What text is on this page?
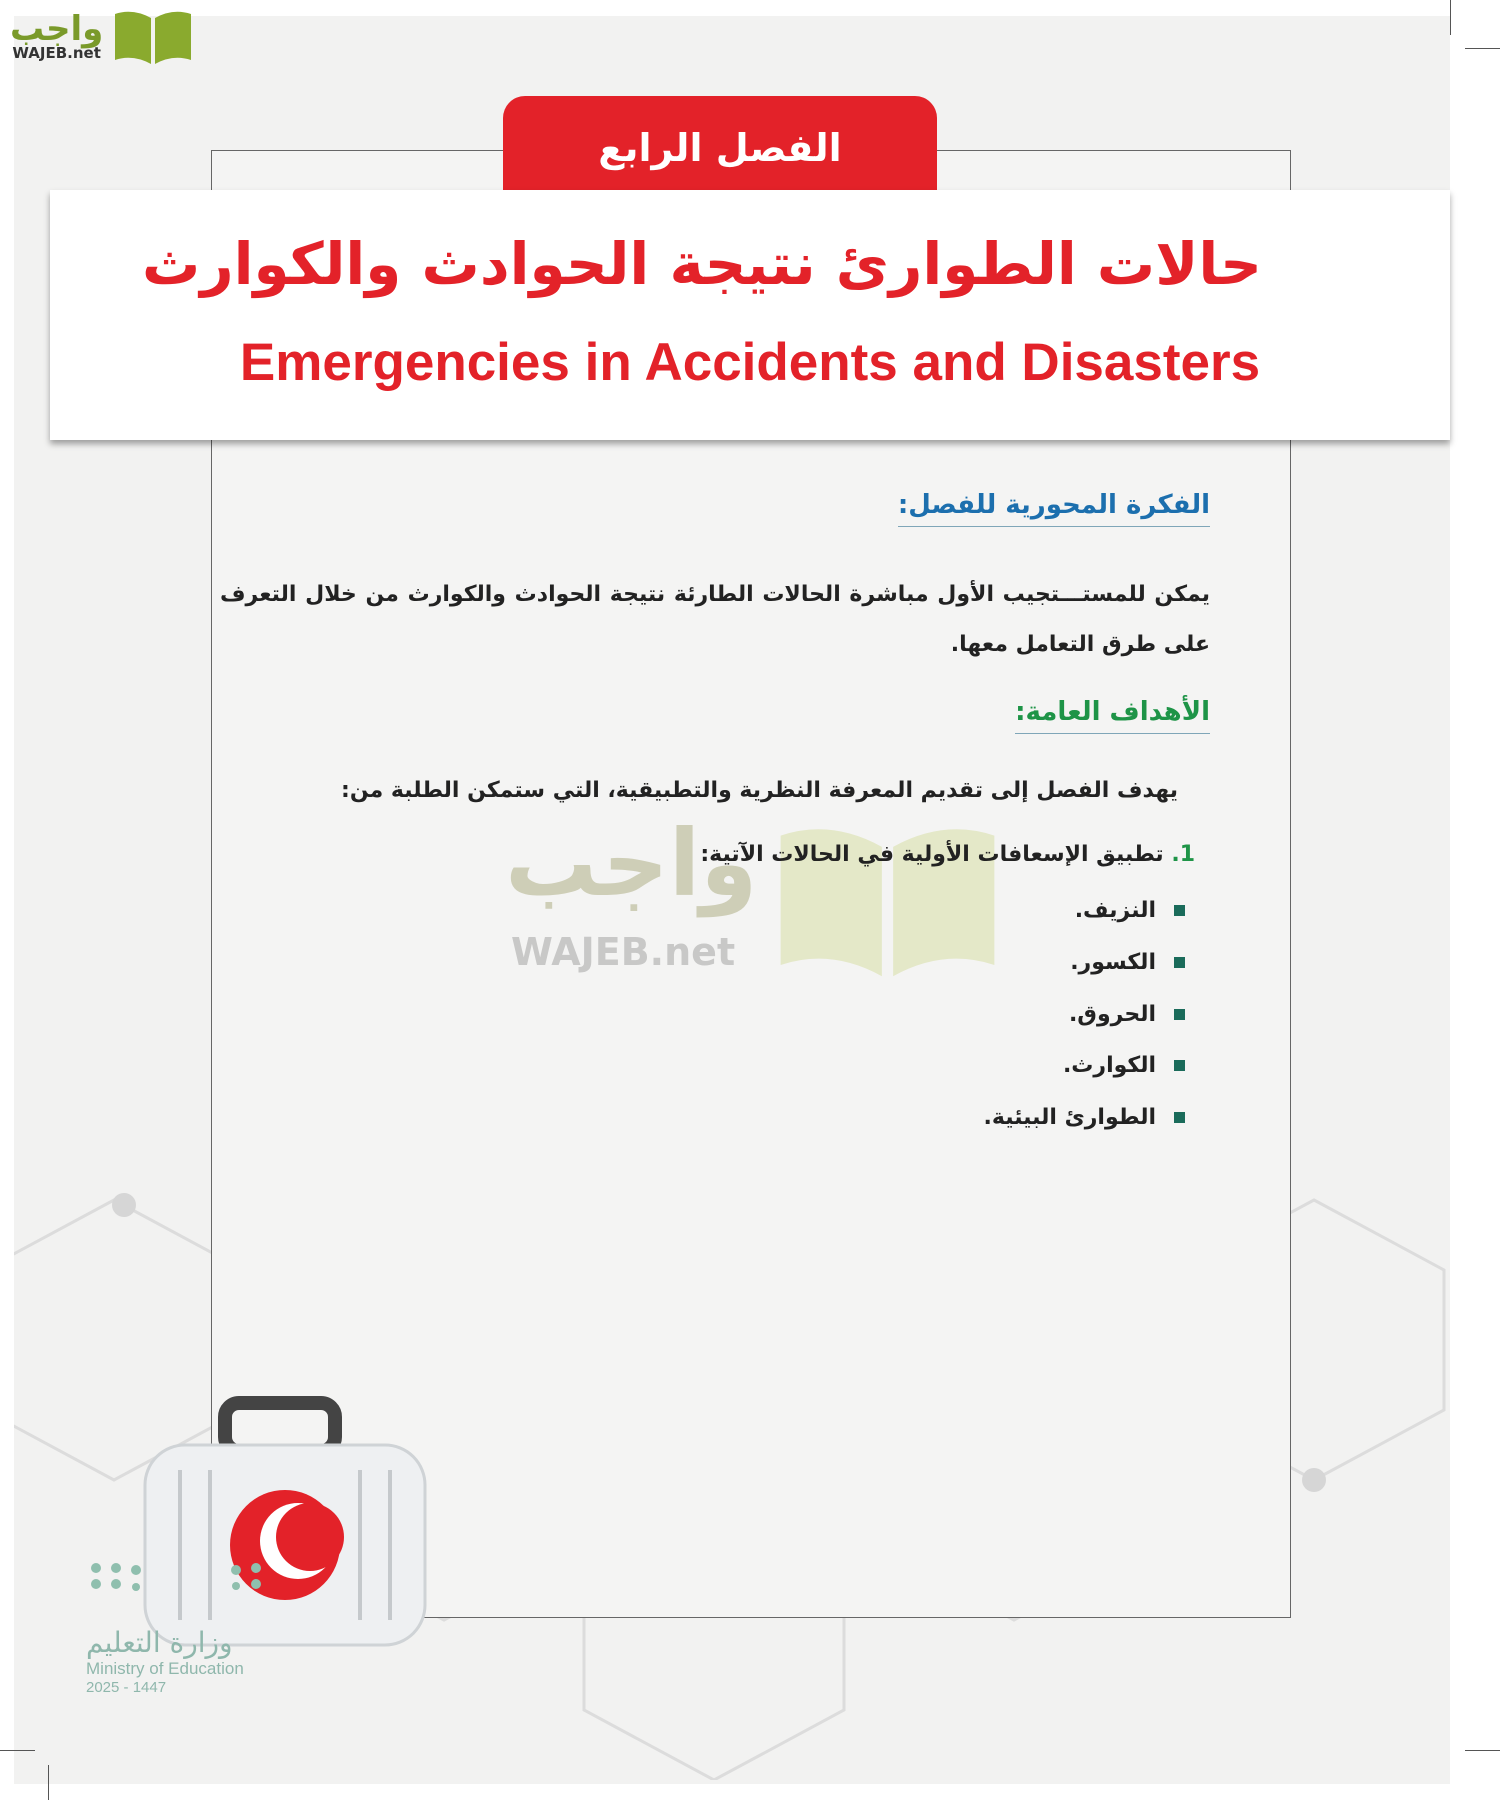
الفصل الرابع
حالات الطوارئ نتيجة الحوادث والكوارث
Emergencies in Accidents and Disasters
واجب
WAJEB.net
واجب
WAJEB.net
الفكرة المحورية للفصل:
يمكن للمستـــتجيب الأول مباشرة الحالات الطارئة نتيجة الحوادث والكوارث من خلال التعرف على طرق التعامل معها.
الأهداف العامة:
يهدف الفصل إلى تقديم المعرفة النظرية والتطبيقية، التي ستمكن الطلبة من:
1. تطبيق الإسعافات الأولية في الحالات الآتية:
النزيف.
الكسور.
الحروق.
الكوارث.
الطوارئ البيئية.
وزارة التعليم
Ministry of Education
2025 - 1447
